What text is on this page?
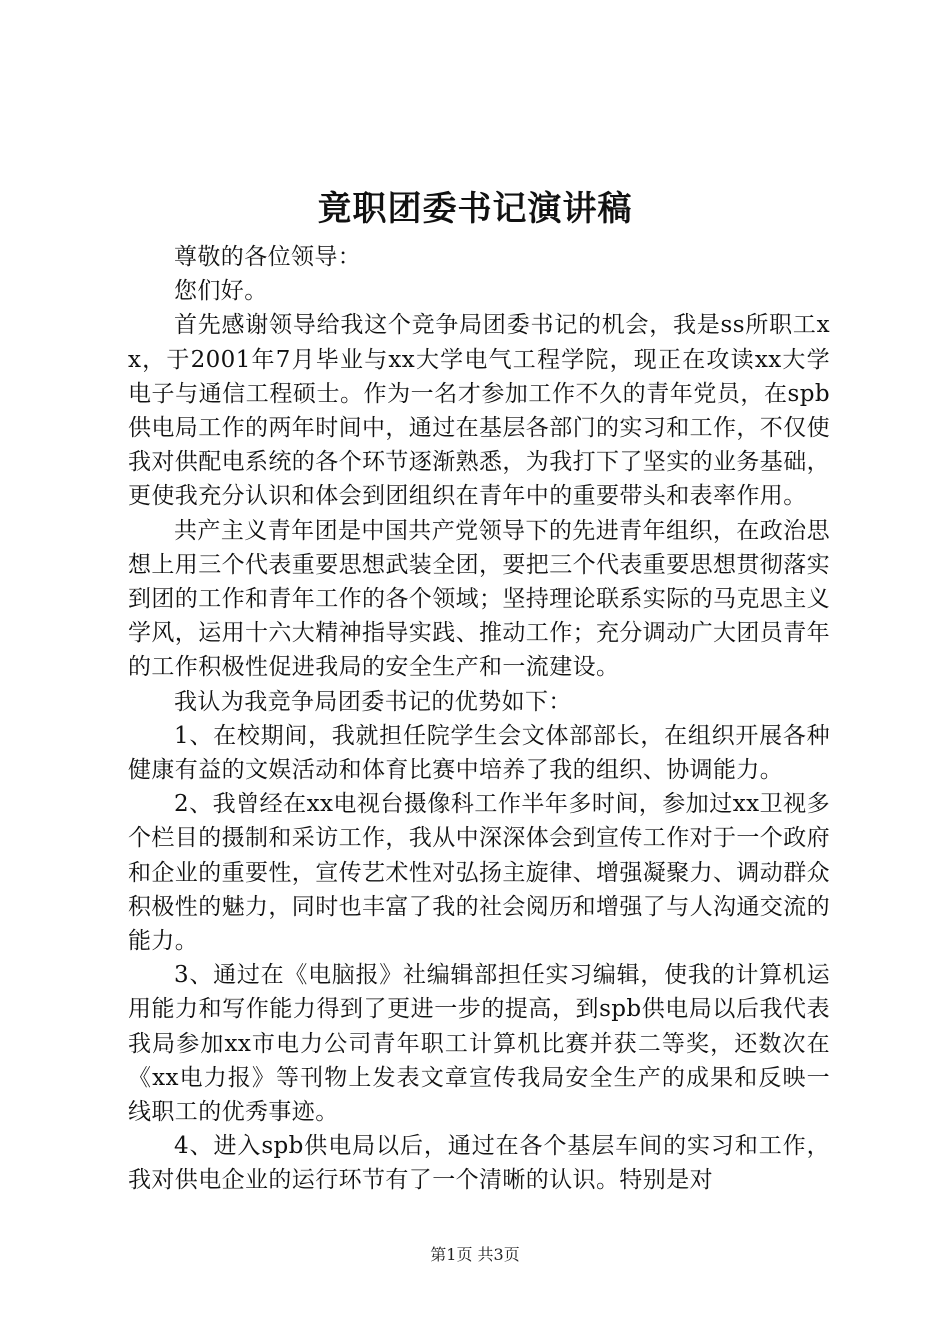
竟职团委书记演讲稿

尊敬的各位领导：

您们好。

首先感谢领导给我这个竞争局团委书记的机会，我是ss所职工xx，于2001年7月毕业与xx大学电气工程学院，现正在攻读xx大学电子与通信工程硕士。作为一名才参加工作不久的青年党员，在spb供电局工作的两年时间中，通过在基层各部门的实习和工作，不仅使我对供配电系统的各个环节逐渐熟悉，为我打下了坚实的业务基础，更使我充分认识和体会到团组织在青年中的重要带头和表率作用。

共产主义青年团是中国共产党领导下的先进青年组织，在政治思想上用三个代表重要思想武装全团，要把三个代表重要思想贯彻落实到团的工作和青年工作的各个领域；坚持理论联系实际的马克思主义学风，运用十六大精神指导实践、推动工作；充分调动广大团员青年的工作积极性促进我局的安全生产和一流建设。

我认为我竞争局团委书记的优势如下：

1、在校期间，我就担任院学生会文体部部长，在组织开展各种健康有益的文娱活动和体育比赛中培养了我的组织、协调能力。

2、我曾经在xx电视台摄像科工作半年多时间，参加过xx卫视多个栏目的摄制和采访工作，我从中深深体会到宣传工作对于一个政府和企业的重要性，宣传艺术性对弘扬主旋律、增强凝聚力、调动群众积极性的魅力，同时也丰富了我的社会阅历和增强了与人沟通交流的能力。

3、通过在《电脑报》社编辑部担任实习编辑，使我的计算机运用能力和写作能力得到了更进一步的提高，到spb供电局以后我代表我局参加xx市电力公司青年职工计算机比赛并获二等奖，还数次在《xx电力报》等刊物上发表文章宣传我局安全生产的成果和反映一线职工的优秀事迹。

4、进入spb供电局以后，通过在各个基层车间的实习和工作，我对供电企业的运行环节有了一个清晰的认识。特别是对

第1页 共3页
